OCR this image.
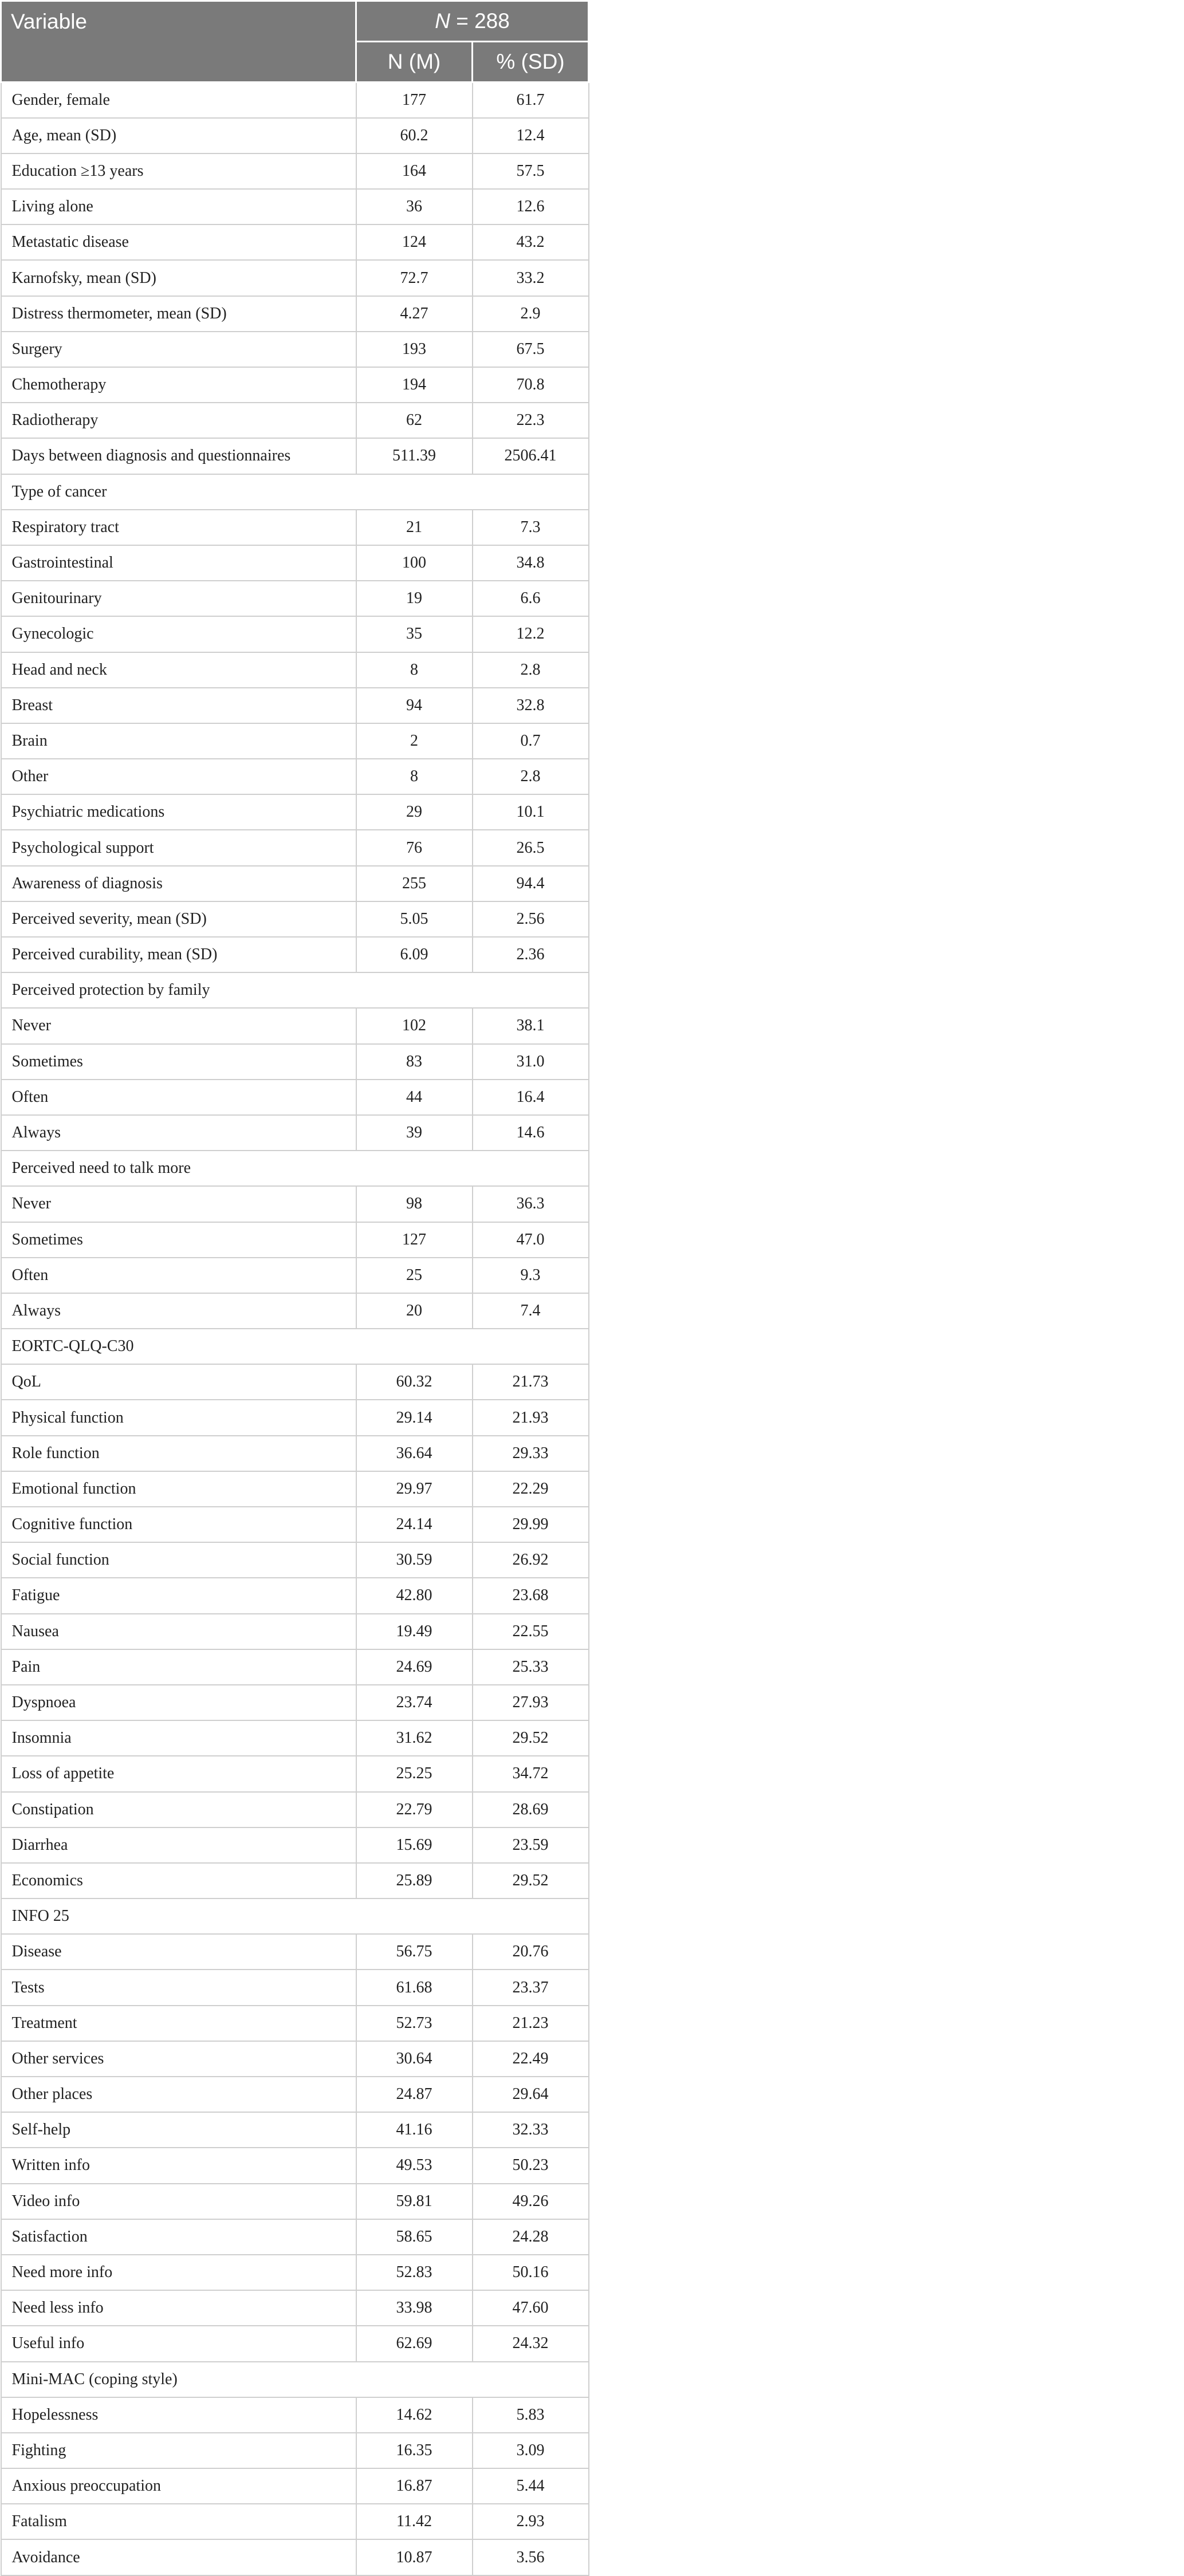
Variable	N = 288	
	N (M)	% (SD)
Gender, female	177	61.7
Age, mean (SD)	60.2	12.4
Education ≥13 years	164	57.5
Living alone	36	12.6
Metastatic disease	124	43.2
Karnofsky, mean (SD)	72.7	33.2
Distress thermometer, mean (SD)	4.27	2.9
Surgery	193	67.5
Chemotherapy	194	70.8
Radiotherapy	62	22.3
Days between diagnosis and questionnaires	511.39	2506.41
Type of cancer		
Respiratory tract	21	7.3
Gastrointestinal	100	34.8
Genitourinary	19	6.6
Gynecologic	35	12.2
Head and neck	8	2.8
Breast	94	32.8
Brain	2	0.7
Other	8	2.8
Psychiatric medications	29	10.1
Psychological support	76	26.5
Awareness of diagnosis	255	94.4
Perceived severity, mean (SD)	5.05	2.56
Perceived curability, mean (SD)	6.09	2.36
Perceived protection by family		
Never	102	38.1
Sometimes	83	31.0
Often	44	16.4
Always	39	14.6
Perceived need to talk more		
Never	98	36.3
Sometimes	127	47.0
Often	25	9.3
Always	20	7.4
EORTC-QLQ-C30		
QoL	60.32	21.73
Physical function	29.14	21.93
Role function	36.64	29.33
Emotional function	29.97	22.29
Cognitive function	24.14	29.99
Social function	30.59	26.92
Fatigue	42.80	23.68
Nausea	19.49	22.55
Pain	24.69	25.33
Dyspnoea	23.74	27.93
Insomnia	31.62	29.52
Loss of appetite	25.25	34.72
Constipation	22.79	28.69
Diarrhea	15.69	23.59
Economics	25.89	29.52
INFO 25		
Disease	56.75	20.76
Tests	61.68	23.37
Treatment	52.73	21.23
Other services	30.64	22.49
Other places	24.87	29.64
Self-help	41.16	32.33
Written info	49.53	50.23
Video info	59.81	49.26
Satisfaction	58.65	24.28
Need more info	52.83	50.16
Need less info	33.98	47.60
Useful info	62.69	24.32
Mini-MAC (coping style)		
Hopelessness	14.62	5.83
Fighting	16.35	3.09
Anxious preoccupation	16.87	5.44
Fatalism	11.42	2.93
Avoidance	10.87	3.56
